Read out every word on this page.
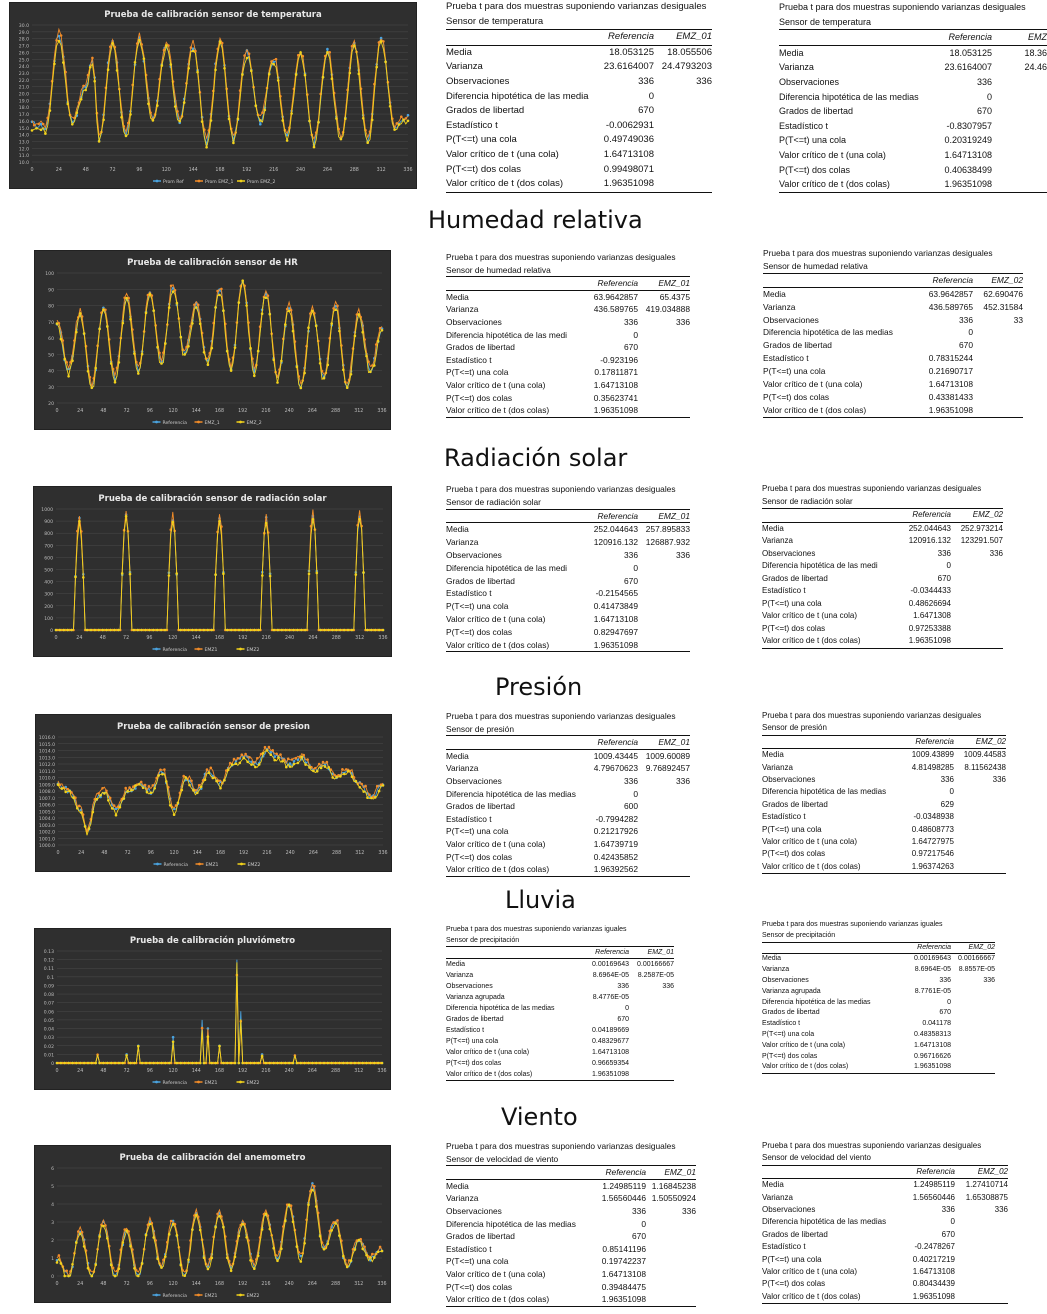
Humedad relativa
Radiación solar
Presión
Lluvia
Viento
Prueba de calibración sensor de temperatura
30.0
29.0
28.0
27.0
26.0
25.0
24.0
23.0
22.0
21.0
20.0
19.0
18.0
17.0
16.0
15.0
14.0
13.0
12.0
11.0
10.0
0	24	48	72	96	120	144	168	192	216	240	264	288	312	336
Prom Ref	Prom EMZ_1	Prom EMZ_2
Prueba de calibración sensor de HR
100
90
80
70
60
50
40
30
20
0	24	48	72	96	120	144	168	192	216	240	264	288	312	336
Referencia	EMZ_1	EMZ_2
Prueba de calibración sensor de radiación solar
1000
900
800
700
600
500
400
300
200
100
0
0	24	48	72	96	120	144	168	192	216	240	264	288	312	336
Referencia	EMZ1	EMZ2
Prueba de calibración sensor de presion
1016.0
1015.0
1014.0
1013.0
1012.0
1011.0
1010.0
1009.0
1008.0
1007.0
1006.0
1005.0
1004.0
1003.0
1002.0
1001.0
1000.0
0	24	48	72	96	120	144	168	192	216	240	264	288	312	336
Referencia	EMZ1	EMZ2
Prueba de calibración pluviómetro
0.13
0.12
0.11
0.1
0.09
0.08
0.07
0.06
0.05
0.04
0.03
0.02
0.01
0
0	24	48	72	96	120	144	168	192	216	240	264	288	312	336
Referencia	EMZ1	EMZ2
Prueba de calibración del anemometro
6
5
4
3
2
1
0
0	24	48	72	96	120	144	168	192	216	240	264	288	312	336
Referencia	EMZ1	EMZ2
Prueba t para dos muestras suponiendo varianzas desiguales
Sensor de temperatura
Referencia	EMZ_01
Media	18.053125	18.055506
Varianza	23.6164007 24.4793203
Observaciones	336	336
Diferencia hipotética de las media	0
Grados de libertad	670
Estadístico t	-0.0062931
P(T<=t) una cola	0.49749036
Valor crítico de t (una cola)	1.64713108
P(T<=t) dos colas	0.99498071
Valor crítico de t (dos colas)	1.96351098
Prueba t para dos muestras suponiendo varianzas desiguales
Sensor de temperatura
Referencia	EMZ
Media	18.053125	18.36
Varianza	23.6164007	24.46
Observaciones	336
Diferencia hipotética de las medias	0
Grados de libertad	670
Estadístico t	-0.8307957
P(T<=t) una cola	0.20319249
Valor crítico de t (una cola)	1.64713108
P(T<=t) dos colas	0.40638499
Valor crítico de t (dos colas)	1.96351098
Prueba t para dos muestras suponiendo varianzas desiguales
Sensor de humedad relativa
Referencia	EMZ_01
Media	63.9642857	65.4375
Varianza	436.589765 419.034888
Observaciones	336	336
Diferencia hipotética de las medi	0
Grados de libertad	670
Estadístico t	-0.923196
P(T<=t) una cola	0.17811871
Valor crítico de t (una cola)	1.64713108
P(T<=t) dos colas	0.35623741
Valor crítico de t (dos colas)	1.96351098
Prueba t para dos muestras suponiendo varianzas desiguales
Sensor de humedad relativa
Referencia	EMZ_02
Media	63.9642857	62.690476
Varianza	436.589765	452.31584
Observaciones	336	33
Diferencia hipotética de las medias	0
Grados de libertad	670
Estadístico t	0.78315244
P(T<=t) una cola	0.21690717
Valor crítico de t (una cola)	1.64713108
P(T<=t) dos colas	0.43381433
Valor crítico de t (dos colas)	1.96351098
Prueba t para dos muestras suponiendo varianzas desiguales
Sensor de radiación solar
Referencia	EMZ_01
Media	252.044643 257.895833
Varianza	120916.132 126887.932
Observaciones	336	336
Diferencia hipotética de las medi	0
Grados de libertad	670
Estadístico t	-0.2154565
P(T<=t) una cola	0.41473849
Valor crítico de t (una cola)	1.64713108
P(T<=t) dos colas	0.82947697
Valor crítico de t (dos colas)	1.96351098
Prueba t para dos muestras suponiendo varianzas desiguales
Sensor de radiación solar
Referencia	EMZ_02
Media	252.044643	252.973214
Varianza	120916.132	123291.507
Observaciones	336	336
Diferencia hipotética de las medi	0
Grados de libertad	670
Estadístico t	-0.0344433
P(T<=t) una cola	0.48626694
Valor crítico de t (una cola)	1.6471308
P(T<=t) dos colas	0.97253388
Valor crítico de t (dos colas)	1.96351098
Prueba t para dos muestras suponiendo varianzas desiguales
Sensor de presión
Referencia	EMZ_01
Media	1009.43445 1009.60089
Varianza	4.79670623 9.76892457
Observaciones	336	336
Diferencia hipotética de las medias	0
Grados de libertad	600
Estadístico t	-0.7994282
P(T<=t) una cola	0.21217926
Valor crítico de t (una cola)	1.64739719
P(T<=t) dos colas	0.42435852
Valor crítico de t (dos colas)	1.96392562
Prueba t para dos muestras suponiendo varianzas desiguales
Sensor de presión
Referencia	EMZ_02
Media	1009.43899	1009.44583
Varianza	4.81498285	8.11562438
Observaciones	336	336
Diferencia hipotética de las medias	0
Grados de libertad	629
Estadístico t	-0.0348938
P(T<=t) una cola	0.48608773
Valor crítico de t (una cola)	1.64727975
P(T<=t) dos colas	0.97217546
Valor crítico de t (dos colas)	1.96374263
Prueba t para dos muestras suponiendo varianzas iguales
Sensor de precipitación
Referencia	EMZ_01
Media	0.00169643	0.00166667
Varianza	8.6964E-05	8.2587E-05
Observaciones	336	336
Varianza agrupada	8.4776E-05
Diferencia hipotética de las medias	0
Grados de libertad	670
Estadístico t	0.04189669
P(T<=t) una cola	0.48329677
Valor crítico de t (una cola)	1.64713108
P(T<=t) dos colas	0.96659354
Valor crítico de t (dos colas)	1.96351098
Prueba t para dos muestras suponiendo varianzas iguales
Sensor de precipitación
Referencia	EMZ_02
Media	0.00169643	0.00166667
Varianza	8.6964E-05	8.8557E-05
Observaciones	336	336
Varianza agrupada	8.7761E-05
Diferencia hipotética de las medias	0
Grados de libertad	670
Estadístico t	0.041178
P(T<=t) una cola	0.48358313
Valor crítico de t (una cola)	1.64713108
P(T<=t) dos colas	0.96716626
Valor crítico de t (dos colas)	1.96351098
Prueba t para dos muestras suponiendo varianzas desiguales
Sensor de velocidad de viento
Referencia	EMZ_01
Media	1.24985119 1.16845238
Varianza	1.56560446 1.50550924
Observaciones	336	336
Diferencia hipotética de las medias	0
Grados de libertad	670
Estadístico t	0.85141196
P(T<=t) una cola	0.19742237
Valor crítico de t (una cola)	1.64713108
P(T<=t) dos colas	0.39484475
Valor crítico de t (dos colas)	1.96351098
Prueba t para dos muestras suponiendo varianzas desiguales
Sensor de velocidad del viento
Referencia	EMZ_02
Media	1.24985119	1.27410714
Varianza	1.56560446	1.65308875
Observaciones	336	336
Diferencia hipotética de las medias	0
Grados de libertad	670
Estadístico t	-0.2478267
P(T<=t) una cola	0.40217219
Valor crítico de t (una cola)	1.64713108
P(T<=t) dos colas	0.80434439
Valor crítico de t (dos colas)	1.96351098
